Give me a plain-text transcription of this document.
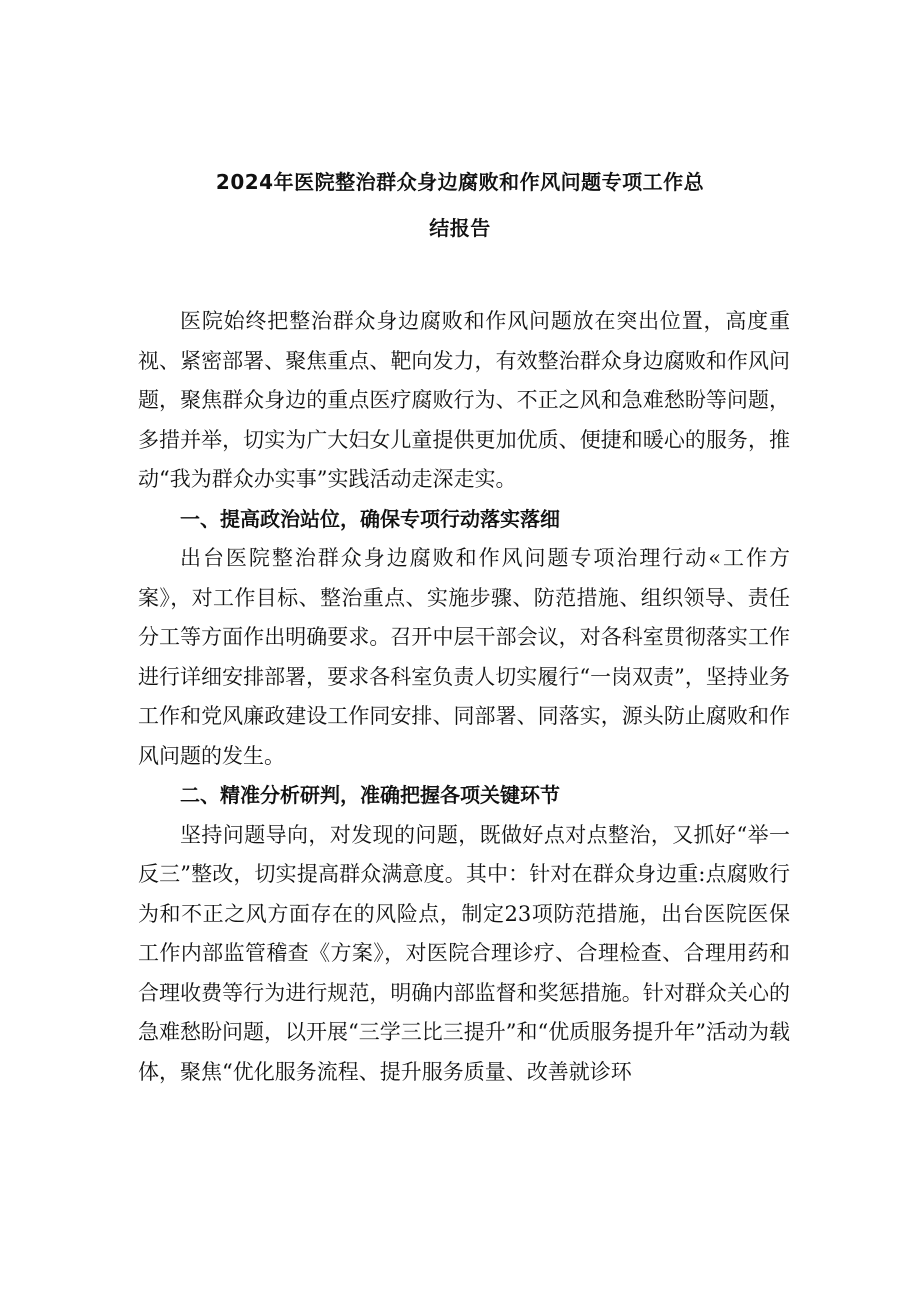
2024年医院整治群众身边腐败和作风问题专项工作总
结报告

医院始终把整治群众身边腐败和作风问题放在突出位置，高度重视、紧密部署、聚焦重点、靶向发力，有效整治群众身边腐败和作风问题，聚焦群众身边的重点医疗腐败行为、不正之风和急难愁盼等问题，多措并举，切实为广大妇女儿童提供更加优质、便捷和暖心的服务，推动“我为群众办实事”实践活动走深走实。

一、提高政治站位，确保专项行动落实落细

出台医院整治群众身边腐败和作风问题专项治理行动«工作方案》，对工作目标、整治重点、实施步骤、防范措施、组织领导、责任分工等方面作出明确要求。召开中层干部会议，对各科室贯彻落实工作进行详细安排部署，要求各科室负责人切实履行“一岗双责”，坚持业务工作和党风廉政建设工作同安排、同部署、同落实，源头防止腐败和作风问题的发生。

二、精准分析研判，准确把握各项关键环节

坚持问题导向，对发现的问题，既做好点对点整治，又抓好“举一反三”整改，切实提高群众满意度。其中：针对在群众身边重:点腐败行为和不正之风方面存在的风险点，制定23项防范措施，出台医院医保工作内部监管稽查《方案》，对医院合理诊疗、合理检查、合理用药和合理收费等行为进行规范，明确内部监督和奖惩措施。针对群众关心的急难愁盼问题，以开展“三学三比三提升”和“优质服务提升年”活动为载体，聚焦“优化服务流程、提升服务质量、改善就诊环
